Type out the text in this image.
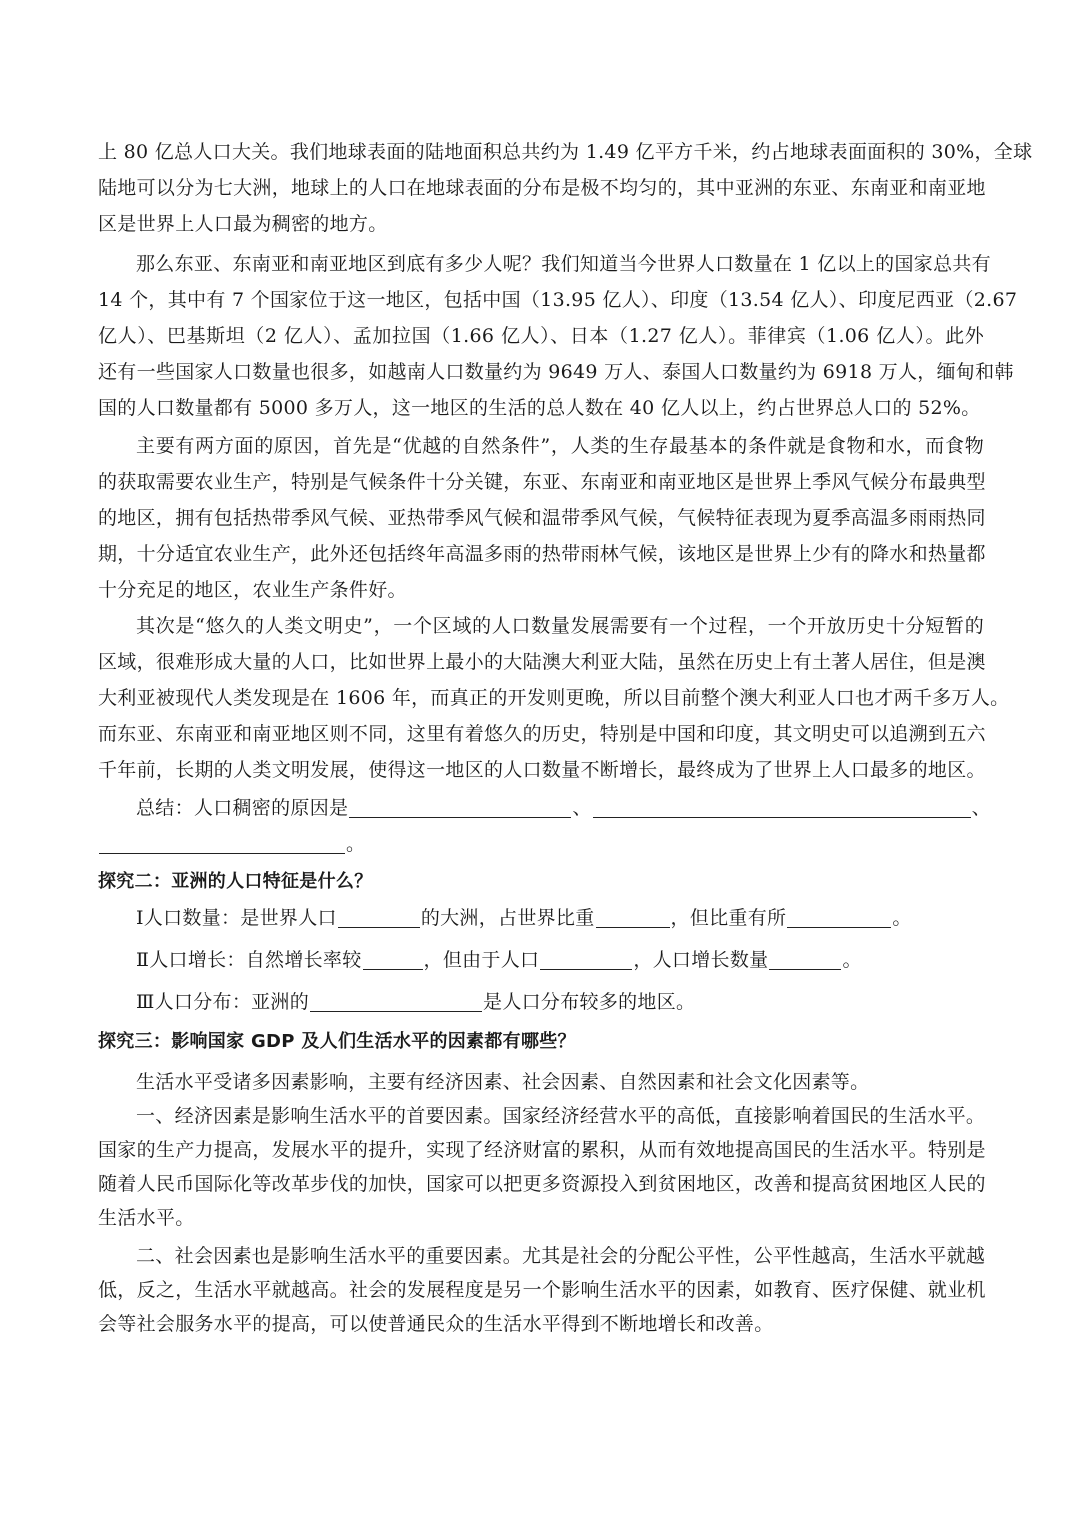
上 80 亿总人口大关。我们地球表面的陆地面积总共约为 1.49 亿平方千米，约占地球表面面积的 30%，全球
陆地可以分为七大洲，地球上的人口在地球表面的分布是极不均匀的，其中亚洲的东亚、东南亚和南亚地
区是世界上人口最为稠密的地方。
那么东亚、东南亚和南亚地区到底有多少人呢？我们知道当今世界人口数量在 1 亿以上的国家总共有
14 个，其中有 7 个国家位于这一地区，包括中国（13.95 亿人）、印度（13.54 亿人）、印度尼西亚（2.67
亿人）、巴基斯坦（2 亿人）、孟加拉国（1.66 亿人）、日本（1.27 亿人）。菲律宾（1.06 亿人）。此外
还有一些国家人口数量也很多，如越南人口数量约为 9649 万人、泰国人口数量约为 6918 万人，缅甸和韩
国的人口数量都有 5000 多万人，这一地区的生活的总人数在 40 亿人以上，约占世界总人口的 52%。
主要有两方面的原因，首先是“优越的自然条件”，人类的生存最基本的条件就是食物和水，而食物
的获取需要农业生产，特别是气候条件十分关键，东亚、东南亚和南亚地区是世界上季风气候分布最典型
的地区，拥有包括热带季风气候、亚热带季风气候和温带季风气候，气候特征表现为夏季高温多雨雨热同
期，十分适宜农业生产，此外还包括终年高温多雨的热带雨林气候，该地区是世界上少有的降水和热量都
十分充足的地区，农业生产条件好。
其次是“悠久的人类文明史”，一个区域的人口数量发展需要有一个过程，一个开放历史十分短暂的
区域，很难形成大量的人口，比如世界上最小的大陆澳大利亚大陆，虽然在历史上有土著人居住，但是澳
大利亚被现代人类发现是在 1606 年，而真正的开发则更晚，所以目前整个澳大利亚人口也才两千多万人。
而东亚、东南亚和南亚地区则不同，这里有着悠久的历史，特别是中国和印度，其文明史可以追溯到五六
千年前，长期的人类文明发展，使得这一地区的人口数量不断增长，最终成为了世界上人口最多的地区。
总结：人口稠密的原因是	、	、
。
探究二：亚洲的人口特征是什么？
Ⅰ人口数量：是世界人口	的大洲，占世界比重	，但比重有所	。
Ⅱ人口增长：自然增长率较	，但由于人口	，人口增长数量	。
Ⅲ人口分布：亚洲的	是人口分布较多的地区。
探究三：影响国家 GDP 及人们生活水平的因素都有哪些？
生活水平受诸多因素影响，主要有经济因素、社会因素、自然因素和社会文化因素等。
一、经济因素是影响生活水平的首要因素。国家经济经营水平的高低，直接影响着国民的生活水平。
国家的生产力提高，发展水平的提升，实现了经济财富的累积，从而有效地提高国民的生活水平。特别是
随着人民币国际化等改革步伐的加快，国家可以把更多资源投入到贫困地区，改善和提高贫困地区人民的
生活水平。
二、社会因素也是影响生活水平的重要因素。尤其是社会的分配公平性，公平性越高，生活水平就越
低，反之，生活水平就越高。社会的发展程度是另一个影响生活水平的因素，如教育、医疗保健、就业机
会等社会服务水平的提高，可以使普通民众的生活水平得到不断地增长和改善。
